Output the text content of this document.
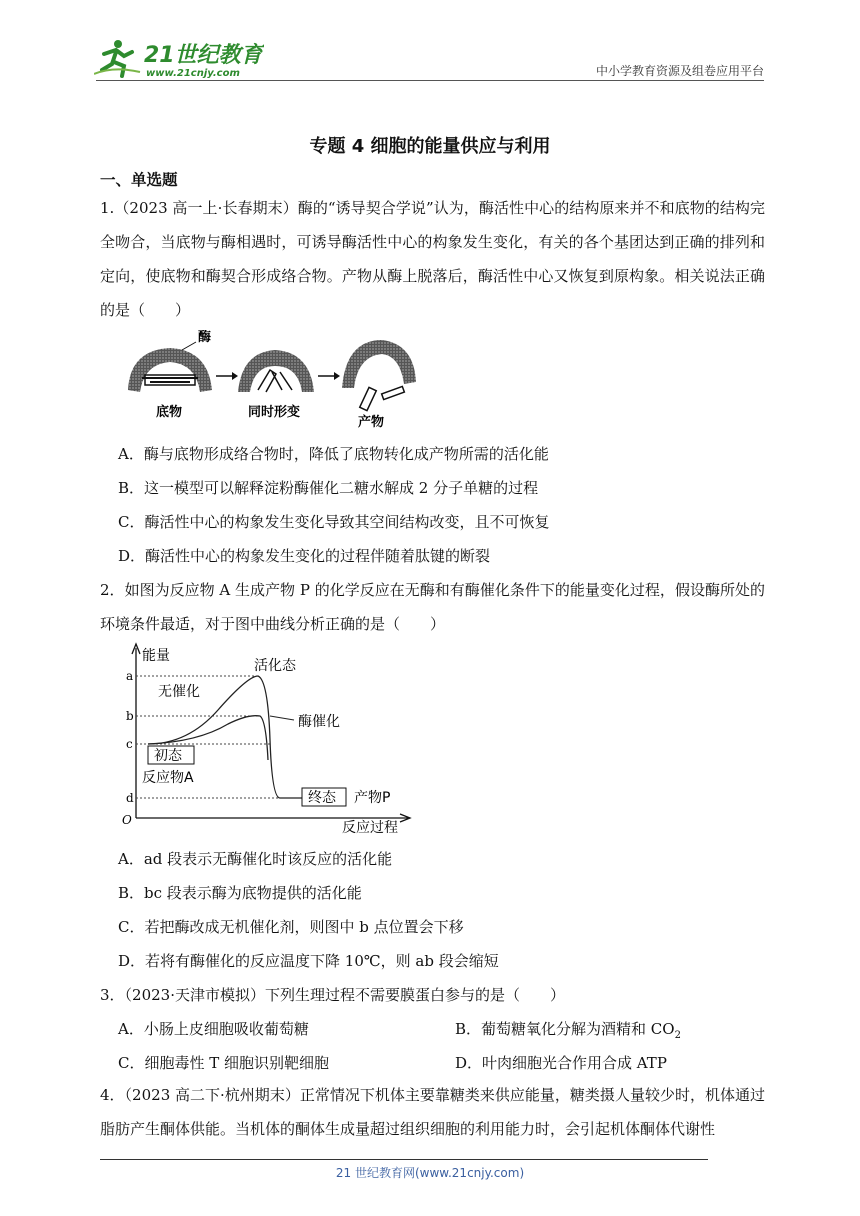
21世纪教育
www.21cnjy.com	中小学教育资源及组卷应用平台
专题 4 细胞的能量供应与利用
一、单选题
1.（2023 高一上·长春期末）酶的“诱导契合学说”认为，酶活性中心的结构原来并不和底物的结构完全吻合，当底物与酶相遇时，可诱导酶活性中心的构象发生变化，有关的各个基团达到正确的排列和定向，使底物和酶契合形成络合物。产物从酶上脱落后，酶活性中心又恢复到原构象。相关说法正确的是（　　）
酶
底物	同时形变
产物
A．酶与底物形成络合物时，降低了底物转化成产物所需的活化能
B．这一模型可以解释淀粉酶催化二糖水解成 2 分子单糖的过程
C．酶活性中心的构象发生变化导致其空间结构改变，且不可恢复
D．酶活性中心的构象发生变化的过程伴随着肽键的断裂
2．如图为反应物 A 生成产物 P 的化学反应在无酶和有酶催化条件下的能量变化过程，假设酶所处的环境条件最适，对于图中曲线分析正确的是（　　）
a
b
c
d
O
初态
反应物A
终态 产物P
能量
反应过程
活化态
无催化
酶催化
A．ad 段表示无酶催化时该反应的活化能
B．bc 段表示酶为底物提供的活化能
C．若把酶改成无机催化剂，则图中 b 点位置会下移
D．若将有酶催化的反应温度下降 10℃，则 ab 段会缩短
3．（2023·天津市模拟）下列生理过程不需要膜蛋白参与的是（　　）
A．小肠上皮细胞吸收葡萄糖	B．葡萄糖氧化分解为酒精和 $CO_2$
C．细胞毒性 T 细胞识别靶细胞	D．叶肉细胞光合作用合成 ATP
4．（2023 高二下·杭州期末）正常情况下机体主要靠糖类来供应能量，糖类摄人量较少时，机体通过脂肪产生酮体供能。当机体的酮体生成量超过组织细胞的利用能力时，会引起机体酮体代谢性
21 世纪教育网(www.21cnjy.com)
